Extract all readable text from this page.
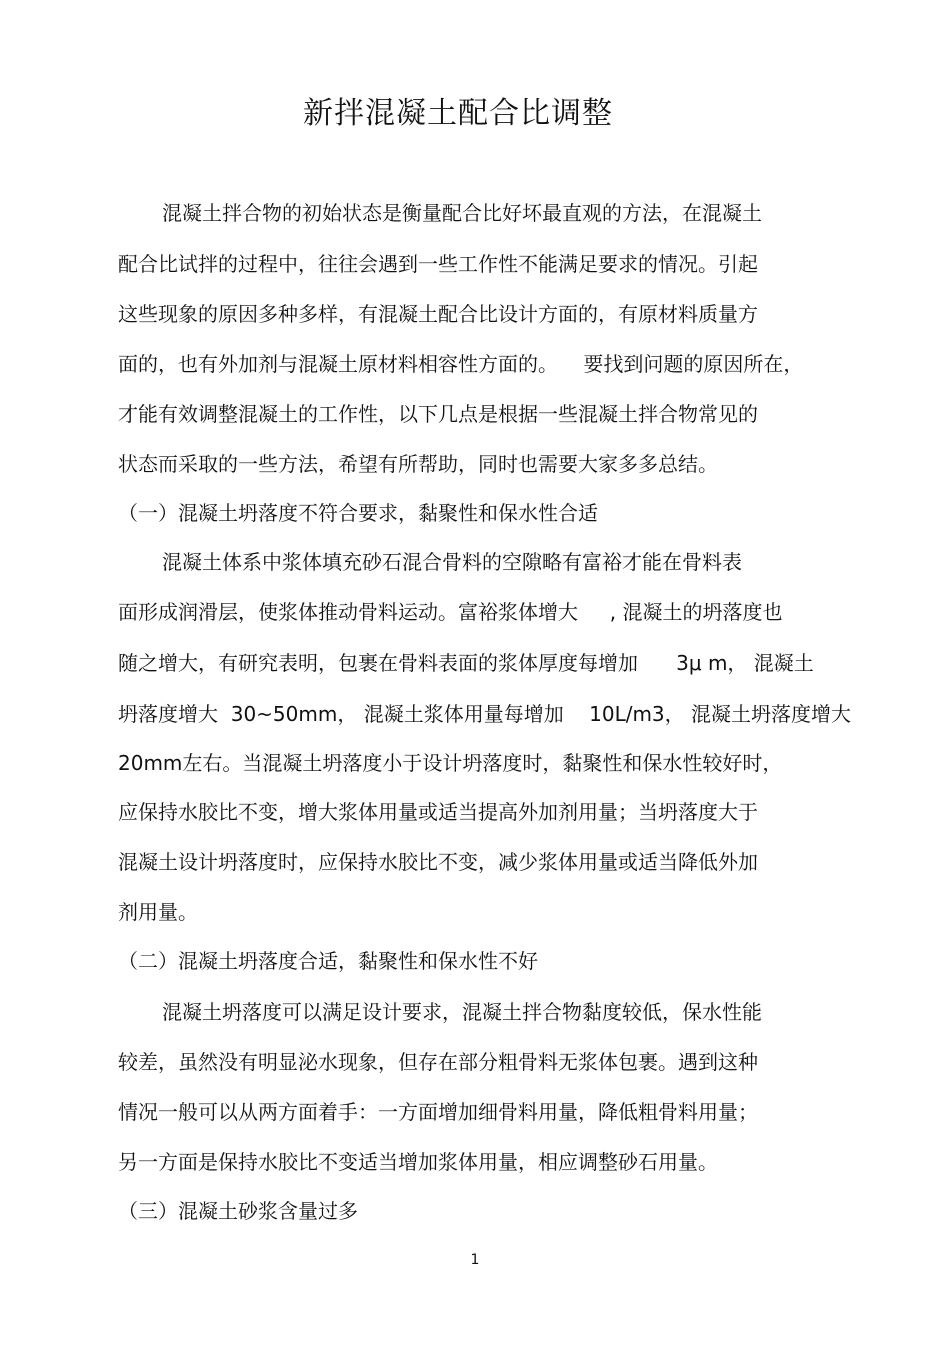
新拌混凝土配合比调整
混凝土拌合物的初始状态是衡量配合比好坏最直观的方法，在混凝土
配合比试拌的过程中，往往会遇到一些工作性不能满足要求的情况。引起
这些现象的原因多种多样，有混凝土配合比设计方面的，有原材料质量方
面的，也有外加剂与混凝土原材料相容性方面的。    要找到问题的原因所在，
才能有效调整混凝土的工作性，以下几点是根据一些混凝土拌合物常见的
状态而采取的一些方法，希望有所帮助，同时也需要大家多多总结。
（一）混凝土坍落度不符合要求，黏聚性和保水性合适
混凝土体系中浆体填充砂石混合骨料的空隙略有富裕才能在骨料表
面形成润滑层，使浆体推动骨料运动。富裕浆体增大     , 混凝土的坍落度也
随之增大，有研究表明，包裹在骨料表面的浆体厚度每增加      3μ m， 混凝土
坍落度增大  30~50mm， 混凝土浆体用量每增加    10L/m3， 混凝土坍落度增大
20mm左右。当混凝土坍落度小于设计坍落度时，黏聚性和保水性较好时，
应保持水胶比不变，增大浆体用量或适当提高外加剂用量；当坍落度大于
混凝土设计坍落度时，应保持水胶比不变，减少浆体用量或适当降低外加
剂用量。
（二）混凝土坍落度合适，黏聚性和保水性不好
混凝土坍落度可以满足设计要求，混凝土拌合物黏度较低，保水性能
较差，虽然没有明显泌水现象，但存在部分粗骨料无浆体包裹。遇到这种
情况一般可以从两方面着手：一方面增加细骨料用量，降低粗骨料用量；
另一方面是保持水胶比不变适当增加浆体用量，相应调整砂石用量。
（三）混凝土砂浆含量过多
1
